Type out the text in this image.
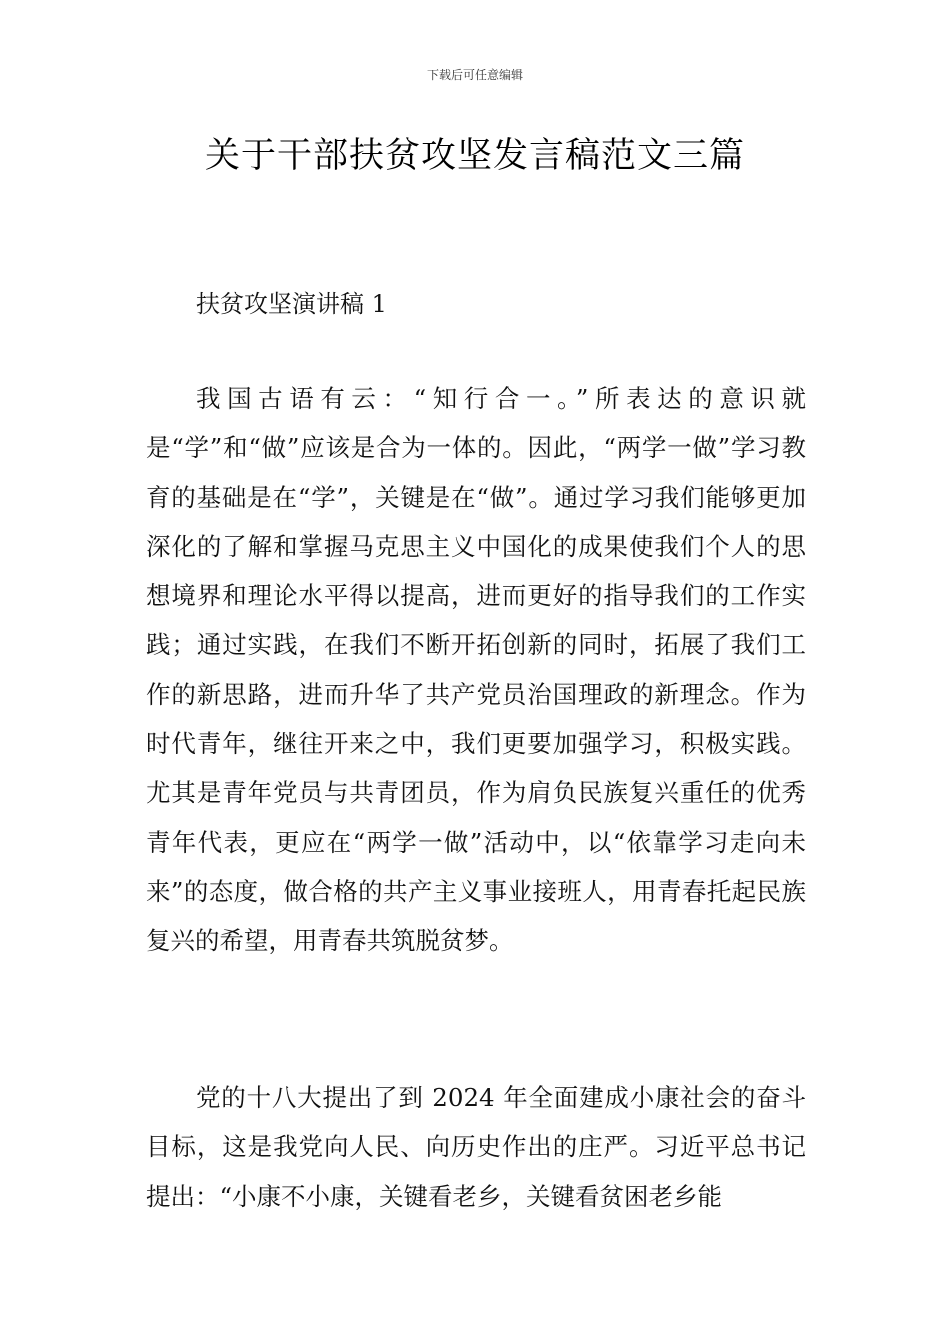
下载后可任意编辑
关于干部扶贫攻坚发言稿范文三篇
扶贫攻坚演讲稿 1

我国古语有云：“知行合一。”所表达的意识就是“学”和“做”应该是合为一体的。因此，“两学一做”学习教育的基础是在“学”，关键是在“做”。通过学习我们能够更加深化的了解和掌握马克思主义中国化的成果使我们个人的思想境界和理论水平得以提高，进而更好的指导我们的工作实践；通过实践，在我们不断开拓创新的同时，拓展了我们工作的新思路，进而升华了共产党员治国理政的新理念。作为时代青年，继往开来之中，我们更要加强学习，积极实践。尤其是青年党员与共青团员，作为肩负民族复兴重任的优秀青年代表，更应在“两学一做”活动中，以“依靠学习走向未来”的态度，做合格的共产主义事业接班人，用青春托起民族复兴的希望，用青春共筑脱贫梦。

党的十八大提出了到 2024 年全面建成小康社会的奋斗目标，这是我党向人民、向历史作出的庄严。习近平总书记提出：“小康不小康，关键看老乡，关键看贫困老乡能
